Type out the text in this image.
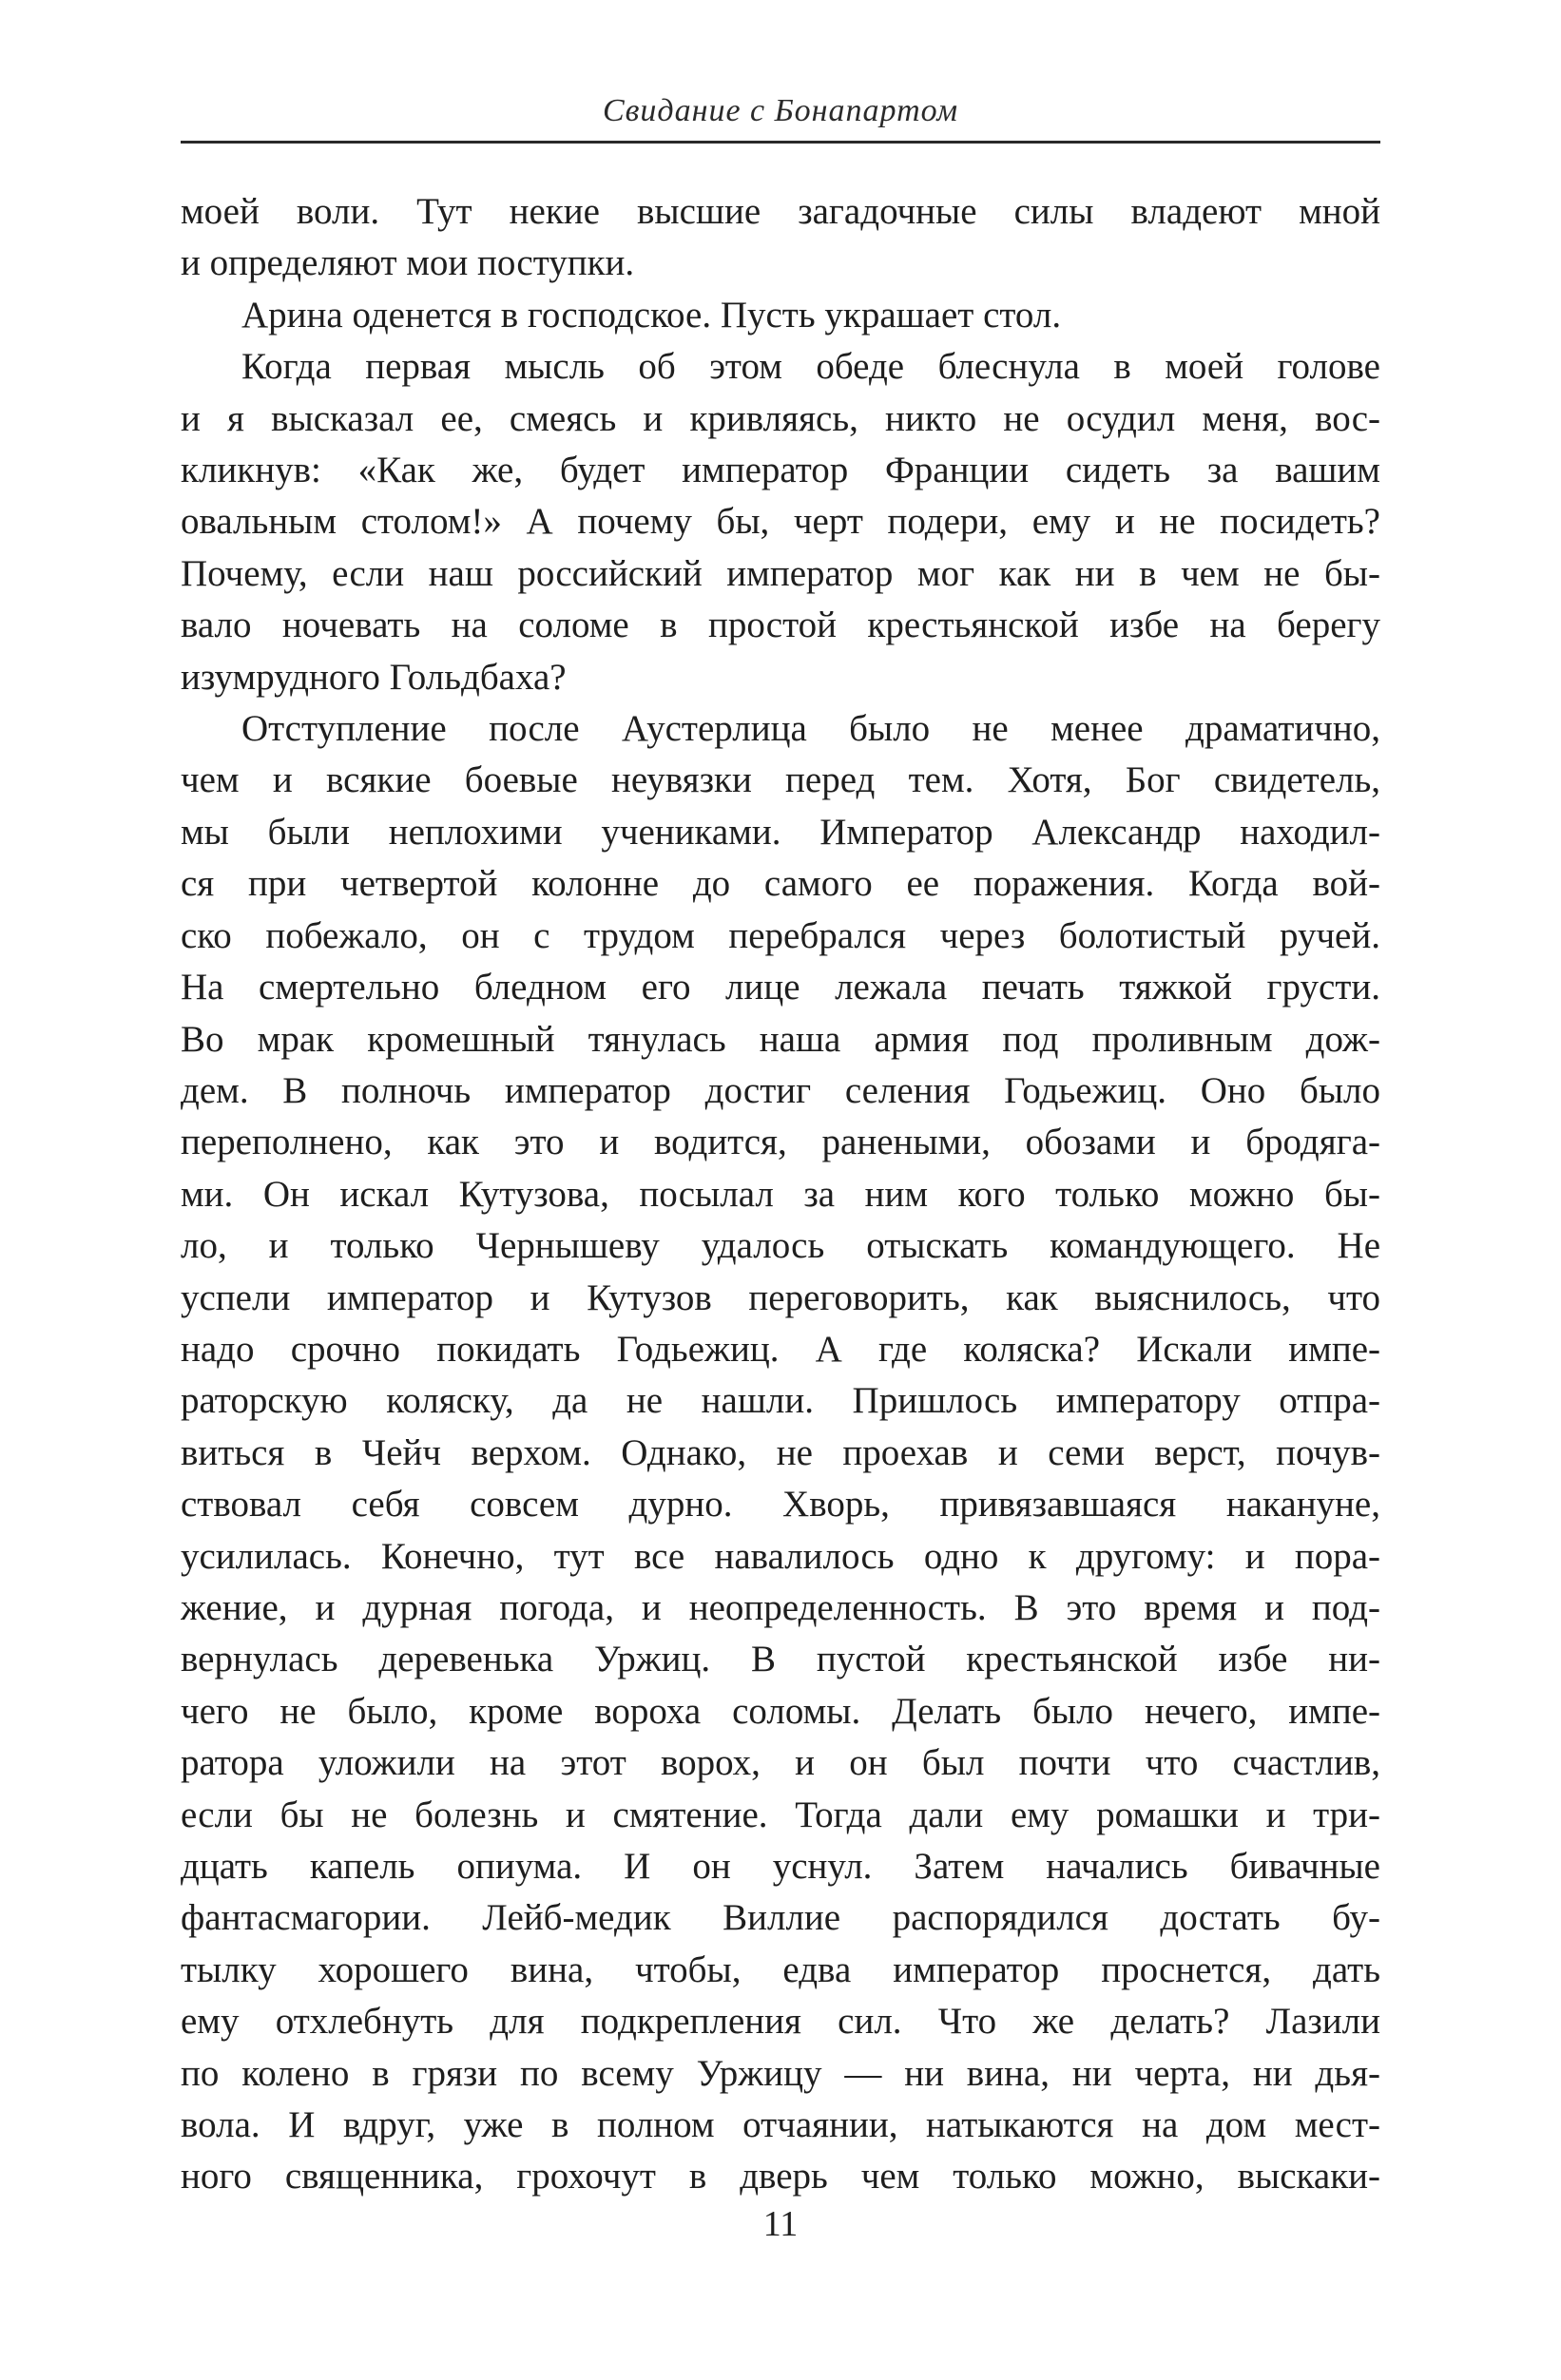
Свидание с Бонапартом
моей воли. Тут некие высшие загадочные силы владеют мной
и определяют мои поступки.
Арина оденется в господское. Пусть украшает стол.
Когда первая мысль об этом обеде блеснула в моей голове
и я высказал ее, смеясь и кривляясь, никто не осудил меня, вос-
кликнув: «Как же, будет император Франции сидеть за вашим
овальным столом!» А почему бы, черт подери, ему и не посидеть?
Почему, если наш российский император мог как ни в чем не бы-
вало ночевать на соломе в простой крестьянской избе на берегу
изумрудного Гольдбаха?
Отступление после Аустерлица было не менее драматично,
чем и всякие боевые неувязки перед тем. Хотя, Бог свидетель,
мы были неплохими учениками. Император Александр находил-
ся при четвертой колонне до самого ее поражения. Когда вой-
ско побежало, он с трудом перебрался через болотистый ручей.
На смертельно бледном его лице лежала печать тяжкой грусти.
Во мрак кромешный тянулась наша армия под проливным дож-
дем. В полночь император достиг селения Годьежиц. Оно было
переполнено, как это и водится, ранеными, обозами и бродяга-
ми. Он искал Кутузова, посылал за ним кого только можно бы-
ло, и только Чернышеву удалось отыскать командующего. Не
успели император и Кутузов переговорить, как выяснилось, что
надо срочно покидать Годьежиц. А где коляска? Искали импе-
раторскую коляску, да не нашли. Пришлось императору отпра-
виться в Чейч верхом. Однако, не проехав и семи верст, почув-
ствовал себя совсем дурно. Хворь, привязавшаяся накануне,
усилилась. Конечно, тут все навалилось одно к другому: и пора-
жение, и дурная погода, и неопределенность. В это время и под-
вернулась деревенька Уржиц. В пустой крестьянской избе ни-
чего не было, кроме вороха соломы. Делать было нечего, импе-
ратора уложили на этот ворох, и он был почти что счастлив,
если бы не болезнь и смятение. Тогда дали ему ромашки и три-
дцать капель опиума. И он уснул. Затем начались бивачные
фантасмагории. Лейб-медик Виллие распорядился достать бу-
тылку хорошего вина, чтобы, едва император проснется, дать
ему отхлебнуть для подкрепления сил. Что же делать? Лазили
по колено в грязи по всему Уржицу — ни вина, ни черта, ни дья-
вола. И вдруг, уже в полном отчаянии, натыкаются на дом мест-
ного священника, грохочут в дверь чем только можно, выскаки-
11
